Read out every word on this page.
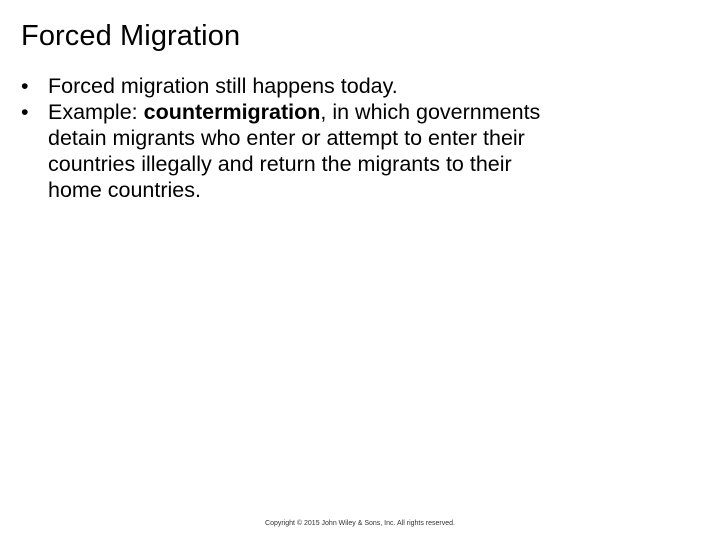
Forced Migration
• Forced migration still happens today.
• Example: countermigration, in which governments detain migrants who enter or attempt to enter their countries illegally and return the migrants to their home countries.
Copyright © 2015 John Wiley & Sons, Inc. All rights reserved.
